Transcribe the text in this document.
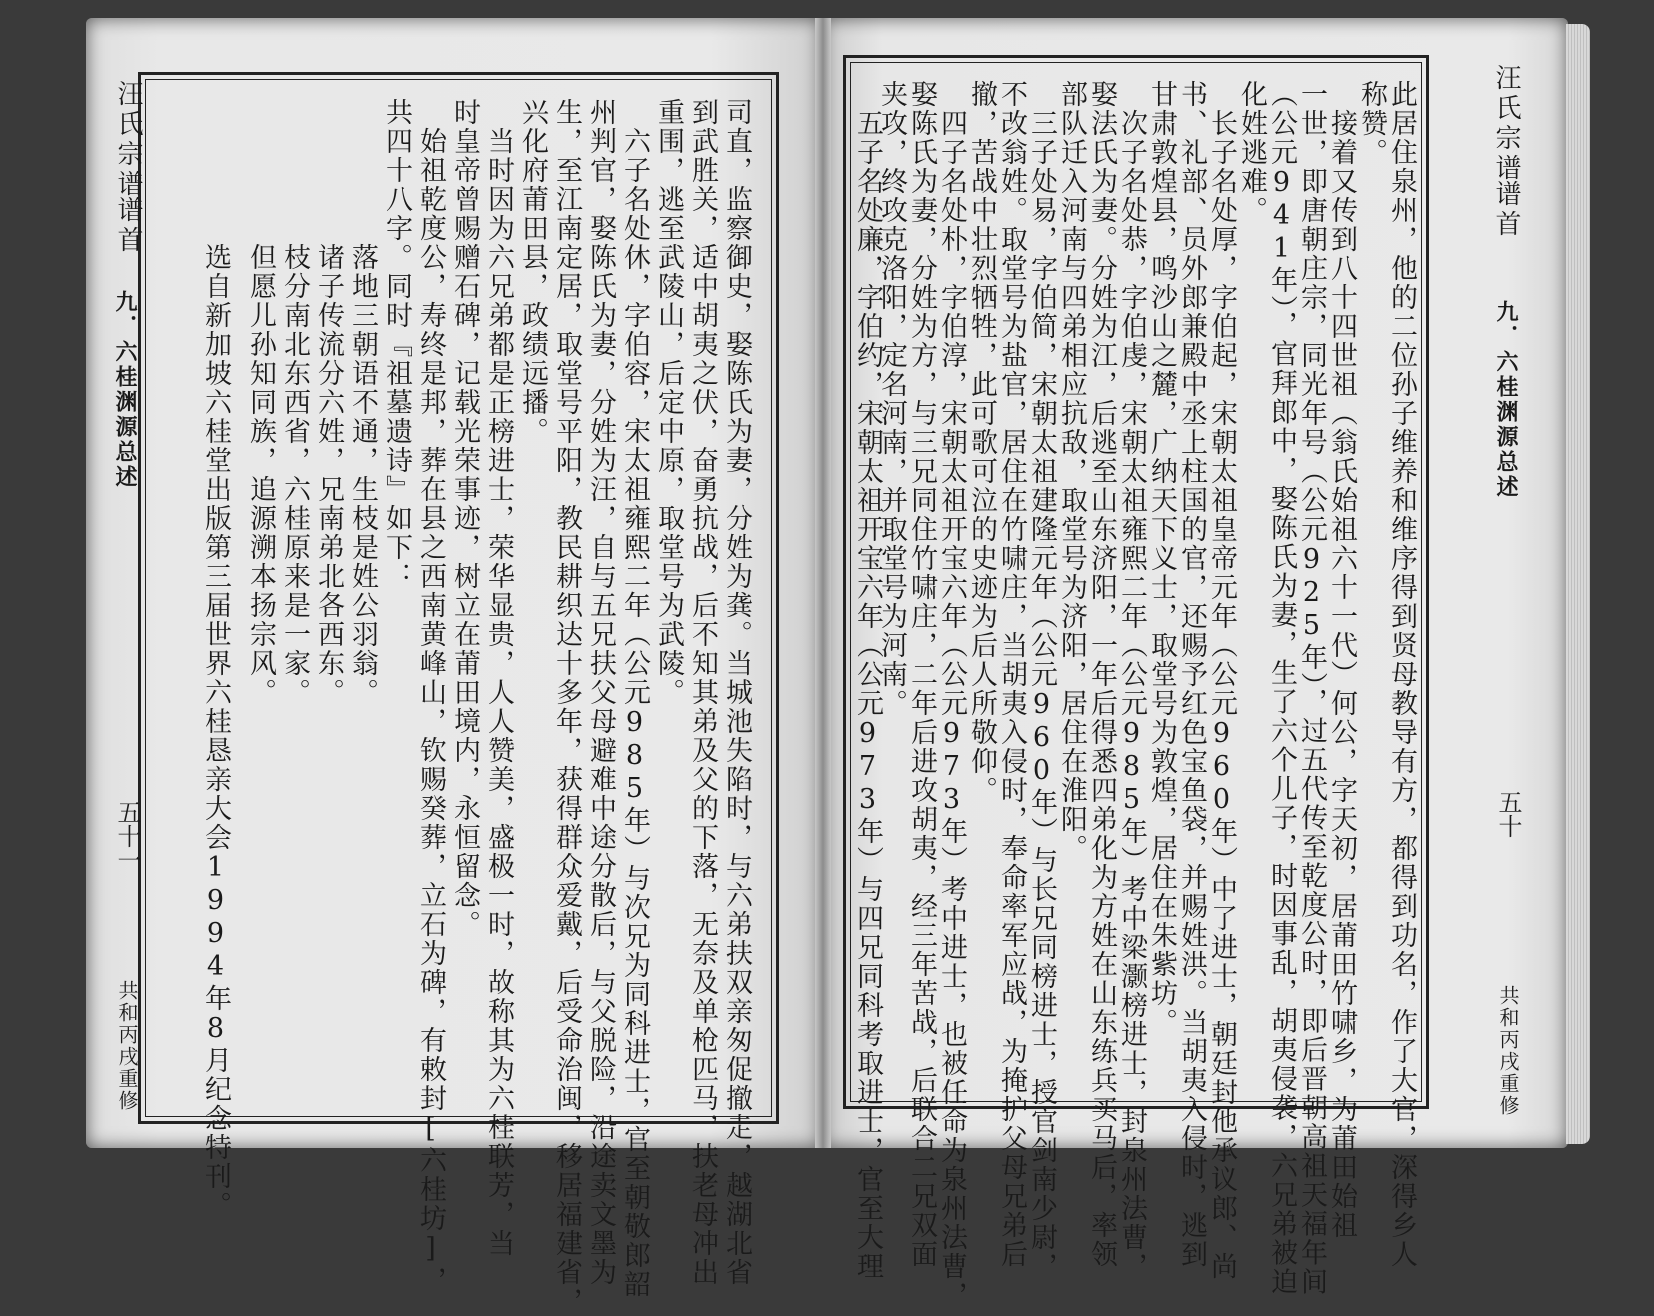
汪氏宗谱
谱首
九．六桂渊源总述
五十一
共和丙戌重修	司直，监察御史，娶陈氏为妻，分姓为龚。当城池失陷时，与六弟扶双亲匆促撤走，越湖北省
到武胜关，适中胡夷之伏，奋勇抗战，后不知其弟及父的下落，无奈及单枪匹马，扶老母冲出
重围，逃至武陵山，后定中原，取堂号为武陵。
　六子名处休，字伯容，宋太祖雍熙二年（公元985年）与次兄为同科进士，官至朝敬郎韶
州判官，娶陈氏为妻，分姓为汪，自与五兄扶父母避难中途分散后，与父脱险，沿途卖文墨为
生，至江南定居，取堂号平阳，教民耕织达十多年，获得群众爱戴，后受命治闽，移居福建省，
兴化府莆田县，政绩远播。
　当时因为六兄弟都是正榜进士，荣华显贵，人人赞美，盛极一时，故称其为六桂联芳，当
时皇帝曾赐赠石碑，记载光荣事迹，树立在莆田境内，永恒留念。
　始祖乾度公，寿终是邦，葬在县之西南黄峰山，钦赐癸葬，立石为碑，有敕封[六桂坊]，
共四十八字。同时『祖墓遗诗』如下：
　　　　　落地三朝语不通，生枝是姓公羽翁。
　　　　　诸子传流分六姓，兄南弟北各西东。
　　　　　枝分南北东西省，六桂原来是一家。
　　　　　但愿儿孙知同族，追源溯本扬宗风。
　　　　　选自新加坡六桂堂出版第三届世界六桂恳亲大会1994年8月纪念特刊。	汪氏宗谱
谱首
九．六桂渊源总述
五十
共和丙戌重修
此居住泉州，他的二位孙子维养和维序得到贤母教导有方，都得到功名，作了大官，深得乡人
称赞。
　接着又传到八十四世祖（翁氏始祖六十一代）何公，字天初，居莆田竹啸乡，为莆田始祖
一世，即唐朝庄宗，同光年号（公元925年），过五代传至乾度公时，即后晋朝高祖天福年间
（公元941年），官拜郎中，娶陈氏为妻，生了六个儿子，时因事乱，胡夷侵袭，六兄弟被迫
化姓逃难。
　长子名处厚，字伯起，宋朝太祖皇帝元年（公元960年）中了进士，朝廷封他承议郎、尚
书、礼部、员外郎兼殿中丞上柱国的官，还赐予红色宝鱼袋，并赐姓洪。当胡夷入侵时，逃到
甘肃敦煌县，鸣沙山之麓，广纳天下义士，取堂号为敦煌，居住在朱紫坊。
　次子名处恭，字伯虔，宋朝太祖雍熙二年（公元985年）考中梁灏榜进士，封泉州法曹，
娶法氏为妻。分姓为江，后逃至山东济阳，一年后得悉四弟化为方姓在山东练兵买马后，率领
部队迁入河南与四弟相应抗敌，取堂号为济阳，居住在淮阳。
　三子处易，字伯简，宋朝太祖建隆元年（公元960年）与长兄同榜进士，授官剑南少尉，
不改翁姓。取堂号为盐官，居住在竹啸庄，当胡夷入侵时，奉命率军应战，为掩护父母兄弟后
撤，苦战中壮烈牺牲，此可歌可泣的史迹为后人所敬仰。
　四子名处朴，字伯淳，宋朝太祖开宝六年（公元973年）考中进士，也被任命为泉州法曹，
娶陈氏为妻，分姓为方，与三兄同住竹啸庄，二年后进攻胡夷，经三年苦战，后联合二兄双面
夹攻，终攻克洛阳，定名河南，并取堂号为河南。
　五子名处廉，字伯约，宋朝太祖开宝六年（公元973年）与四兄同科考取进士，官至大理
